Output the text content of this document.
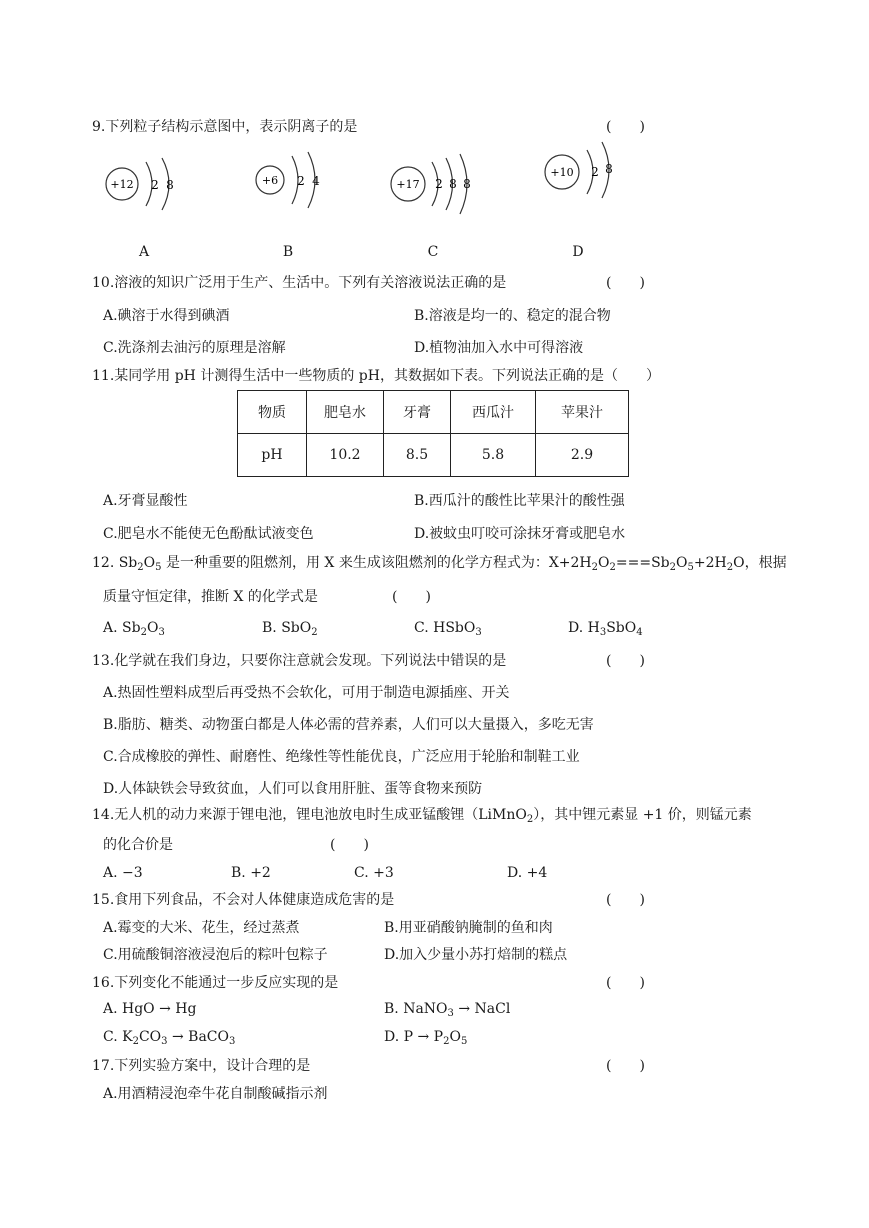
9.下列粒子结构示意图中，表示阴离子的是	(　　)
+12 2 8
A
+6 2 4
B
+17 2 8 8
C
+10 2 8
D
10.溶液的知识广泛用于生产、生活中。下列有关溶液说法正确的是	(　　)
A.碘溶于水得到碘酒	B.溶液是均一的、稳定的混合物
C.洗涤剂去油污的原理是溶解	D.植物油加入水中可得溶液
11.某同学用 pH 计测得生活中一些物质的 pH，其数据如下表。下列说法正确的是（　　）
物质	肥皂水	牙膏	西瓜汁	苹果汁
pH	10.2	8.5	5.8	2.9
A.牙膏显酸性	B.西瓜汁的酸性比苹果汁的酸性强
C.肥皂水不能使无色酚酞试液变色	D.被蚊虫叮咬可涂抹牙膏或肥皂水
12. $Sb_2O_5$ 是一种重要的阻燃剂，用 X 来生成该阻燃剂的化学方程式为：$X+2H_2O_2===Sb_2O_5+2H_2O$，根据
质量守恒定律，推断 X 的化学式是	(　　)
A. $Sb_2O_3$	B. SbO$_2$	C. HSbO$_3$	D. $H_3SbO_4$
13.化学就在我们身边，只要你注意就会发现。下列说法中错误的是	(　　)
A.热固性塑料成型后再受热不会软化，可用于制造电源插座、开关
B.脂肪、糖类、动物蛋白都是人体必需的营养素，人们可以大量摄入，多吃无害
C.合成橡胶的弹性、耐磨性、绝缘性等性能优良，广泛应用于轮胎和制鞋工业
D.人体缺铁会导致贫血，人们可以食用肝脏、蛋等食物来预防
14.无人机的动力来源于锂电池，锂电池放电时生成亚锰酸锂（LiMnO$_2$），其中锂元素显 +1 价，则锰元素
的化合价是	(　　)
A. −3	B. +2	C. +3	D. +4
15.食用下列食品，不会对人体健康造成危害的是	(　　)
A.霉变的大米、花生，经过蒸煮	B.用亚硝酸钠腌制的鱼和肉
C.用硫酸铜溶液浸泡后的粽叶包粽子	D.加入少量小苏打焙制的糕点
16.下列变化不能通过一步反应实现的是	(　　)
A. HgO → Hg	B. NaNO$_3$ → NaCl
C. $K_2CO_3$ → BaCO$_3$	D. $P \to P_2O_5$
17.下列实验方案中，设计合理的是	(　　)
A.用酒精浸泡牵牛花自制酸碱指示剂
